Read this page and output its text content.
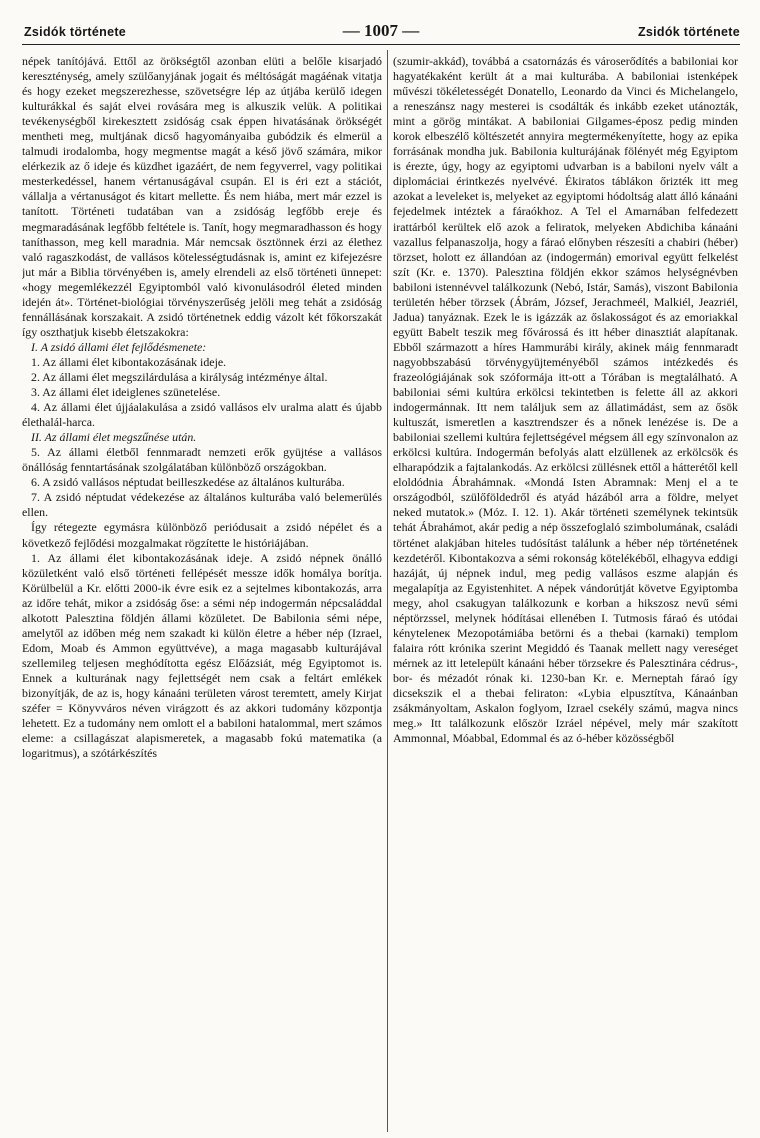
Zsidók története	— 1007 —	Zsidók története

népek tanítójává. Ettől az örökségtől azonban elüti a belőle kisarjadó kereszténység, amely szülőanyjának jogait és méltóságát magáénak vitatja és hogy ezeket megszerezhesse, szövetségre lép az útjába kerülő idegen kulturákkal és saját elvei rovására meg is alkuszik velük. A politikai tevékenységből kirekesztett zsidóság csak éppen hivatásának örökségét mentheti meg, multjának dicső hagyományaiba gubódzik és elmerül a talmudi irodalomba, hogy megmentse magát a késő jövő számára, mikor elérkezik az ő ideje és küzdhet igazáért, de nem fegyverrel, vagy politikai mesterkedéssel, hanem vértanuságával csupán. El is éri ezt a stációt, vállalja a vértanuságot és kitart mellette. És nem hiába, mert már ezzel is tanított. Történeti tudatában van a zsidóság legfőbb ereje és megmaradásának legfőbb feltétele is. Tanít, hogy megmaradhasson és hogy taníthasson, meg kell maradnia. Már nemcsak ösztönnek érzi az élethez való ragaszkodást, de vallásos kötelességtudásnak is, amint ez kifejezésre jut már a Biblia törvényében is, amely elrendeli az első történeti ünnepet: «hogy megemlékezzél Egyiptomból való kivonulásodról életed minden idején át». Történet-biológiai törvényszerűség jelöli meg tehát a zsidóság fennállásának korszakait. A zsidó történetnek eddig vázolt két főkorszakát így oszthatjuk kisebb életszakokra:

I. A zsidó állami élet fejlődésmenete:

1. Az állami élet kibontakozásának ideje.

2. Az állami élet megszilárdulása a királyság intézménye által.

3. Az állami élet ideiglenes szünetelése.

4. Az állami élet újjáalakulása a zsidó vallásos elv uralma alatt és újabb élethalál-harca.

II. Az állami élet megszűnése után.

5. Az állami életből fennmaradt nemzeti erők gyüjtése a vallásos önállóság fenntartásának szolgálatában különböző országokban.

6. A zsidó vallásos néptudat beilleszkedése az általános kulturába.

7. A zsidó néptudat védekezése az általános kulturába való belemerülés ellen.

Így rétegezte egymásra különböző periódusait a zsidó népélet és a következő fejlődési mozgalmakat rögzítette le históriájában.

1. Az állami élet kibontakozásának ideje. A zsidó népnek önálló közületként való első történeti fellépését messze idők homálya borítja. Körülbelül a Kr. előtti 2000-ik évre esik ez a sejtelmes kibontakozás, arra az időre tehát, mikor a zsidóság őse: a sémi nép indogermán népcsaláddal alkotott Palesztina földjén állami közületet. De Babilonia sémi népe, amelytől az időben még nem szakadt ki külön életre a héber nép (Izrael, Edom, Moab és Ammon együttvéve), a maga magasabb kulturájával szellemileg teljesen meghódította egész Előázsiát, még Egyiptomot is. Ennek a kulturának nagy fejlettségét nem csak a feltárt emlékek bizonyítják, de az is, hogy kánaáni területen várost teremtett, amely Kirjat széfer = Könyvváros néven virágzott és az akkori tudomány központja lehetett. Ez a tudomány nem omlott el a babiloni hatalommal, mert számos eleme: a csillagászat alapismeretek, a magasabb fokú matematika (a logaritmus), a szótárkészítés

(szumir-akkád), továbbá a csatornázás és városerődítés a babiloniai kor hagyatékaként került át a mai kulturába. A babiloniai istenképek művészi tökéletességét Donatello, Leonardo da Vinci és Michelangelo, a reneszánsz nagy mesterei is csodálták és inkább ezeket utánozták, mint a görög mintákat. A babiloniai Gilgames-éposz pedig minden korok elbeszélő költészetét annyira megtermékenyítette, hogy az epika forrásának mondha juk. Babilonia kulturájának fölényét még Egyiptom is érezte, úgy, hogy az egyiptomi udvarban is a babiloni nyelv vált a diplomáciai érintkezés nyelvévé. Ékiratos táblákon őrizték itt meg azokat a leveleket is, melyeket az egyiptomi hódoltság alatt álló kánaáni fejedelmek intéztek a fáraókhoz. A Tel el Amarnában felfedezett irattárból kerültek elő azok a feliratok, melyeken Abdichiba kánaáni vazallus felpanaszolja, hogy a fáraó előnyben részesíti a chabiri (héber) törzset, holott ez állandóan az (indogermán) emorival együtt felkelést szít (Kr. e. 1370). Palesztina földjén ekkor számos helységnévben babiloni istennévvel találkozunk (Nebó, Istár, Samás), viszont Babilonia területén héber törzsek (Ábrám, József, Jerachmeél, Malkiél, Jeazriél, Jadua) tanyáznak. Ezek le is igázzák az őslakosságot és az emoriakkal együtt Babelt teszik meg fővárossá és itt héber dinasztiát alapítanak. Ebből származott a híres Hammurábi király, akinek máig fennmaradt nagyobbszabású törvénygyüjteményéből számos intézkedés és frazeológiájának sok szóformája itt-ott a Tórában is megtalálható. A babiloniai sémi kultúra erkölcsi tekintetben is felette áll az akkori indogermánnak. Itt nem találjuk sem az állatimádást, sem az ősök kultuszát, ismeretlen a kasztrendszer és a nőnek lenézése is. De a babiloniai szellemi kultúra fejlettségével mégsem áll egy színvonalon az erkölcsi kultúra. Indogermán befolyás alatt elzüllenek az erkölcsök és elharapódzik a fajtalankodás. Az erkölcsi züllésnek ettől a hátterétől kell eloldódnia Ábrahámnak. «Mondá Isten Abramnak: Menj el a te országodból, szülőföldedről és atyád házából arra a földre, melyet neked mutatok.» (Móz. I. 12. 1). Akár történeti személynek tekintsük tehát Ábrahámot, akár pedig a nép összefoglaló szimbolumának, családi történet alakjában hiteles tudósítást találunk a héber nép történetének kezdetéről. Kibontakozva a sémi rokonság kötelékéből, elhagyva eddigi hazáját, új népnek indul, meg pedig vallásos eszme alapján és megalapítja az Egyistenhitet. A népek vándorútját követve Egyiptomba megy, ahol csakugyan találkozunk e korban a hikszosz nevű sémi néptörzssel, melynek hódításai ellenében I. Tutmosis fáraó és utódai kényteleneк Mezopotámiába betörni és a thebai (karnaki) templom falaira rótt krónika szerint Megiddó és Taanak mellett nagy vereséget mérnek az itt letelepült kánaáni héber törzsekre és Palesztinára cédrus-, bor- és mézadót rónak ki. 1230-ban Kr. e. Merneptah fáraó így dicsekszik el a thebai feliraton: «Lybia elpusztítva, Kánaánban zsákmányoltam, Askalon foglyom, Izrael csekély számú, magva nincs meg.» Itt találkozunk először Izráel népével, mely már szakított Ammonnal, Móabbal, Edommal és az ó-héber közösségből
